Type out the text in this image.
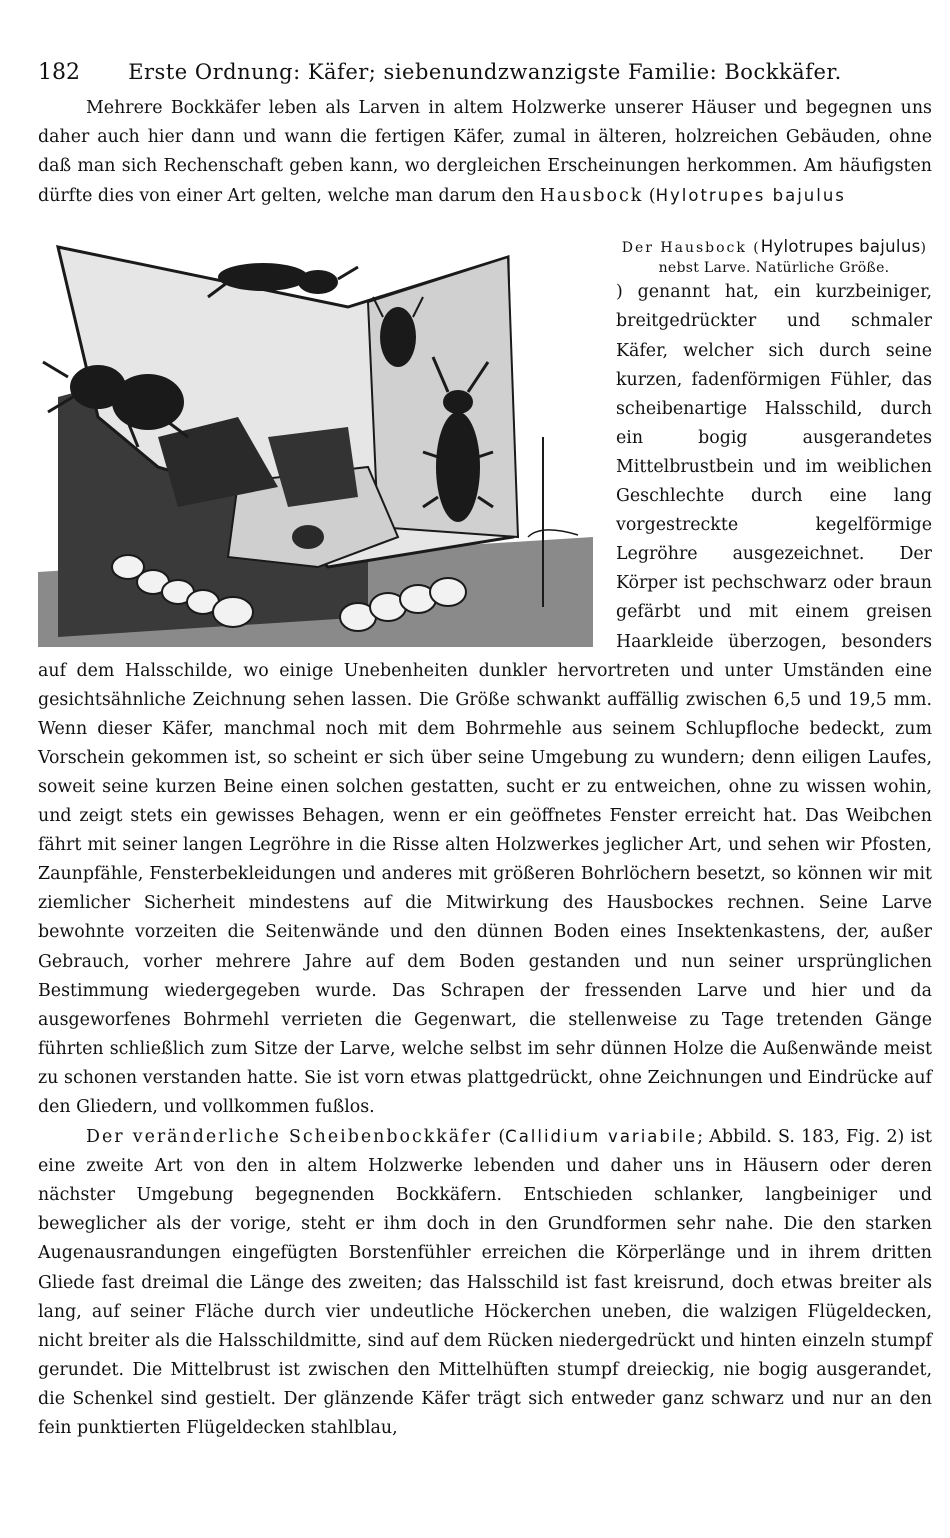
182	Erste Ordnung: Käfer; siebenundzwanzigste Familie: Bockkäfer.

Mehrere Bockkäfer leben als Larven in altem Holzwerke unserer Häuser und begegnen uns daher auch hier dann und wann die fertigen Käfer, zumal in älteren, holzreichen Gebäuden, ohne daß man sich Rechenschaft geben kann, wo dergleichen Erscheinungen herkommen. Am häufigsten dürfte dies von einer Art gelten, welche man darum den Hausbock (Hylotrupes bajulus

Der Hausbock (Hylotrupes bajulus) nebst Larve. Natürliche Größe.
) genannt hat, ein kurzbeiniger, breitgedrückter und schmaler Käfer, welcher sich durch seine kurzen, fadenförmigen Fühler, das scheibenartige Halsschild, durch ein bogig ausgerandetes Mittelbrustbein und im weiblichen Geschlechte durch eine lang vorgestreckte kegelförmige Legröhre ausgezeichnet. Der Körper ist pechschwarz oder braun gefärbt und mit einem greisen Haarkleide überzogen, besonders auf dem Halsschilde, wo einige Unebenheiten dunkler hervortreten und unter Umständen eine gesichtsähnliche Zeichnung sehen lassen. Die Größe schwankt auffällig zwischen 6,5 und 19,5 mm. Wenn dieser Käfer, manchmal noch mit dem Bohrmehle aus seinem Schlupfloche bedeckt, zum Vorschein gekommen ist, so scheint er sich über seine Umgebung zu wundern; denn eiligen Laufes, soweit seine kurzen Beine einen solchen gestatten, sucht er zu entweichen, ohne zu wissen wohin, und zeigt stets ein gewisses Behagen, wenn er ein geöffnetes Fenster erreicht hat. Das Weibchen fährt mit seiner langen Legröhre in die Risse alten Holzwerkes jeglicher Art, und sehen wir Pfosten, Zaunpfähle, Fensterbekleidungen und anderes mit größeren Bohrlöchern besetzt, so können wir mit ziemlicher Sicherheit mindestens auf die Mitwirkung des Hausbockes rechnen. Seine Larve bewohnte vorzeiten die Seitenwände und den dünnen Boden eines Insektenkastens, der, außer Gebrauch, vorher mehrere Jahre auf dem Boden gestanden und nun seiner ursprünglichen Bestimmung wiedergegeben wurde. Das Schrapen der fressenden Larve und hier und da ausgeworfenes Bohrmehl verrieten die Gegenwart, die stellenweise zu Tage tretenden Gänge führten schließlich zum Sitze der Larve, welche selbst im sehr dünnen Holze die Außenwände meist zu schonen verstanden hatte. Sie ist vorn etwas plattgedrückt, ohne Zeichnungen und Eindrücke auf den Gliedern, und vollkommen fußlos.

Der veränderliche Scheibenbockkäfer (Callidium variabile; Abbild. S. 183, Fig. 2) ist eine zweite Art von den in altem Holzwerke lebenden und daher uns in Häusern oder deren nächster Umgebung begegnenden Bockkäfern. Entschieden schlanker, langbeiniger und beweglicher als der vorige, steht er ihm doch in den Grundformen sehr nahe. Die den starken Augenausrandungen eingefügten Borstenfühler erreichen die Körperlänge und in ihrem dritten Gliede fast dreimal die Länge des zweiten; das Halsschild ist fast kreisrund, doch etwas breiter als lang, auf seiner Fläche durch vier undeutliche Höckerchen uneben, die walzigen Flügeldecken, nicht breiter als die Halsschildmitte, sind auf dem Rücken niedergedrückt und hinten einzeln stumpf gerundet. Die Mittelbrust ist zwischen den Mittelhüften stumpf dreieckig, nie bogig ausgerandet, die Schenkel sind gestielt. Der glänzende Käfer trägt sich entweder ganz schwarz und nur an den fein punktierten Flügeldecken stahlblau,
